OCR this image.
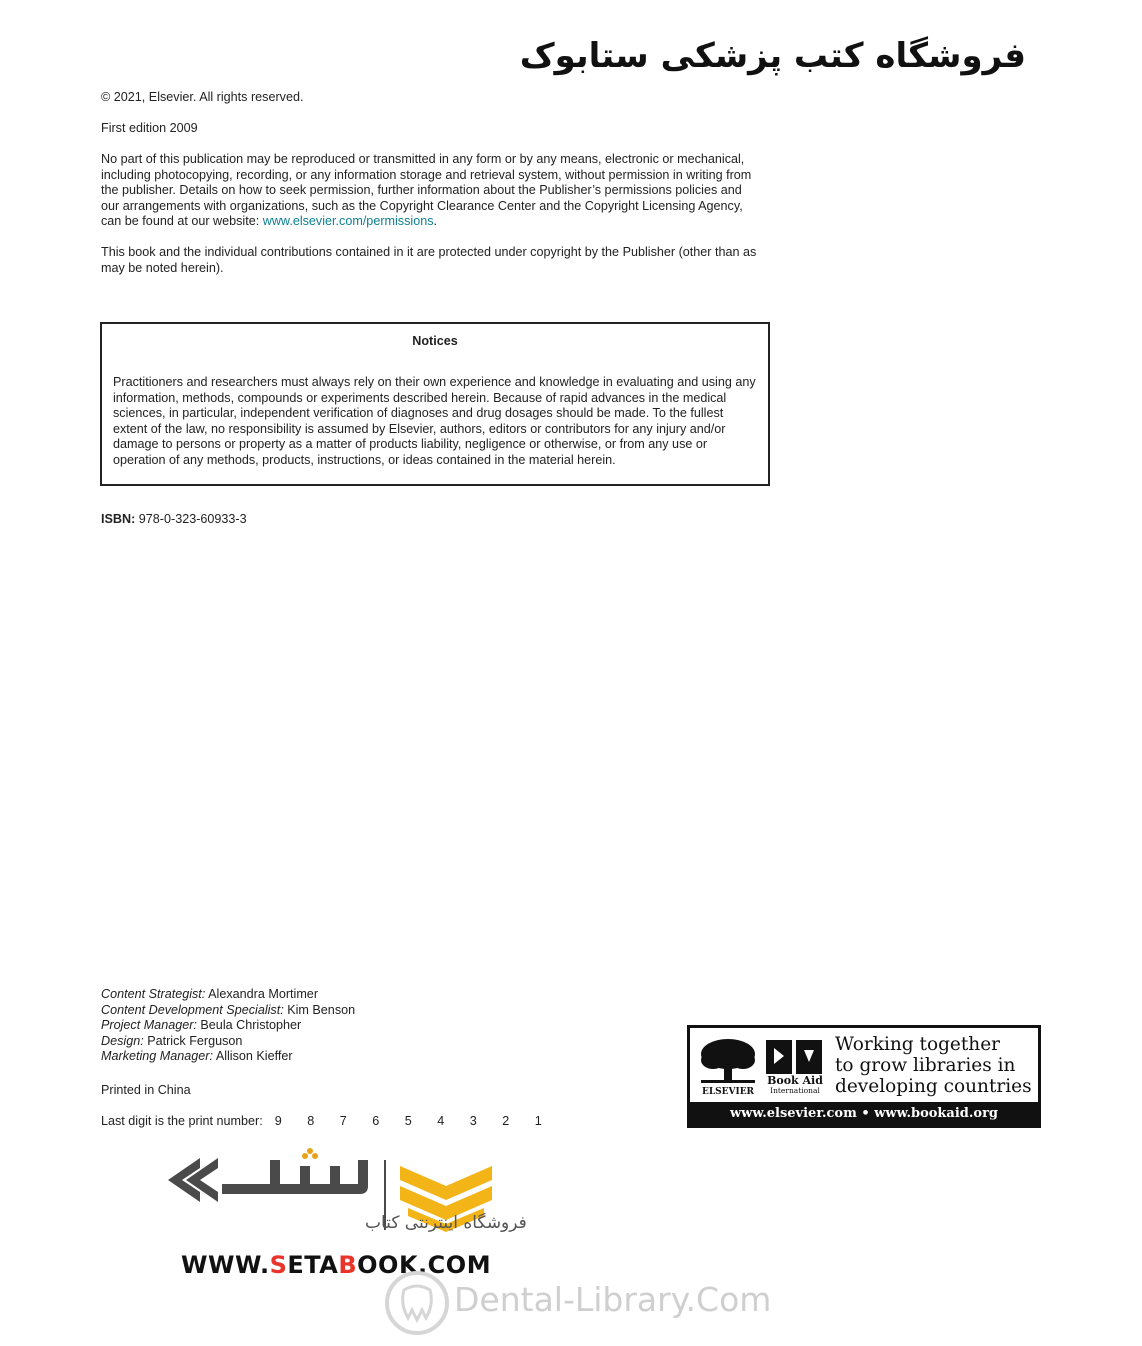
فروشگاه کتب پزشکی ستابوک
© 2021, Elsevier. All rights reserved.
First edition 2009
No part of this publication may be reproduced or transmitted in any form or by any means, electronic or mechanical, including photocopying, recording, or any information storage and retrieval system, without permission in writing from the publisher. Details on how to seek permission, further information about the Publisher’s permissions policies and our arrangements with organizations, such as the Copyright Clearance Center and the Copyright Licensing Agency, can be found at our website: www.elsevier.com/permissions.
This book and the individual contributions contained in it are protected under copyright by the Publisher (other than as may be noted herein).
Notices
Practitioners and researchers must always rely on their own experience and knowledge in evaluating and using any information, methods, compounds or experiments described herein. Because of rapid advances in the medical sciences, in particular, independent verification of diagnoses and drug dosages should be made. To the fullest extent of the law, no responsibility is assumed by Elsevier, authors, editors or contributors for any injury and/or damage to persons or property as a matter of products liability, negligence or otherwise, or from any use or operation of any methods, products, instructions, or ideas contained in the material herein.
ISBN: 978-0-323-60933-3
Content Strategist: Alexandra Mortimer
Content Development Specialist: Kim Benson
Project Manager: Beula Christopher
Design: Patrick Ferguson
Marketing Manager: Allison Kieffer
Printed in China
Last digit is the print number: 9 8 7 6 5 4 3 2 1
ELSEVIER
Book Aid
International
Working together
to grow libraries in
developing countries
www.elsevier.com • www.bookaid.org
فروشگاه اینترنتی کتاب
WWW.SETABOOK.COM
Dental-Library.Com
